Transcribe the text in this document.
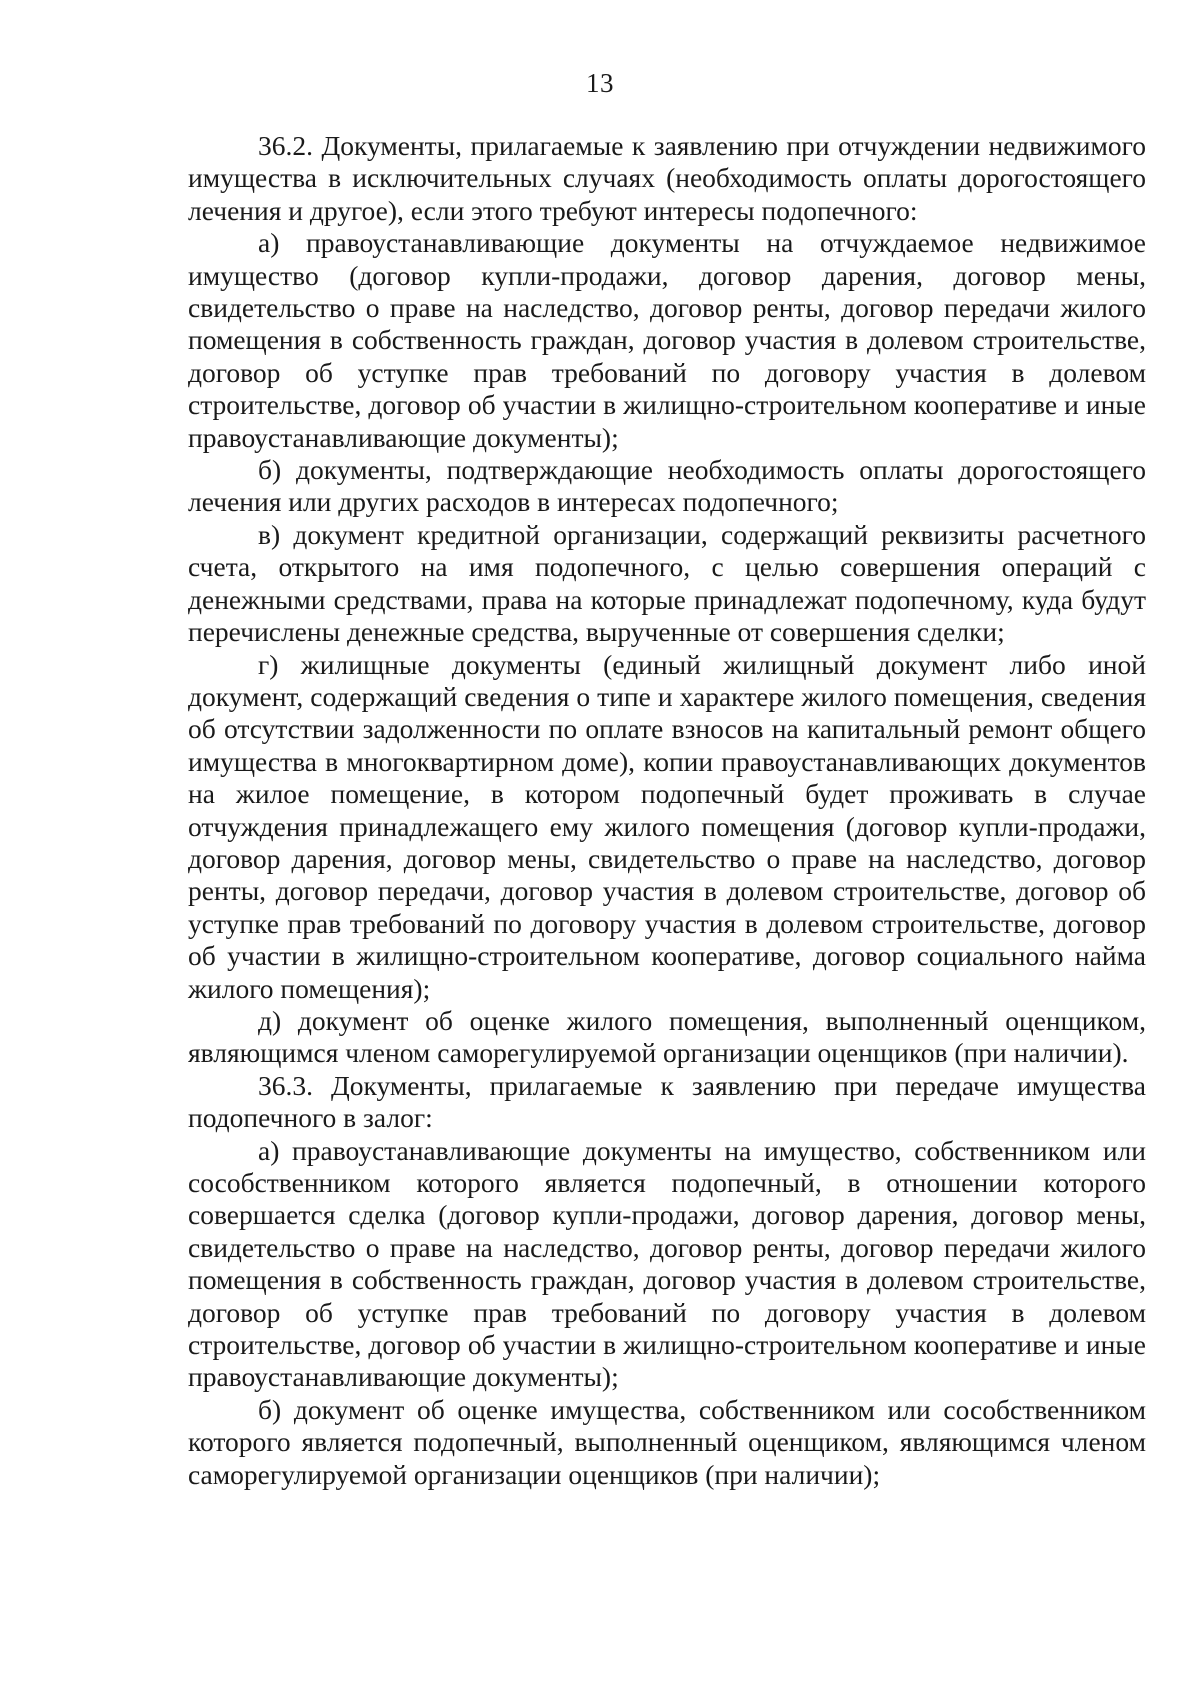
13

36.2. Документы, прилагаемые к заявлению при отчуждении недвижимого имущества в исключительных случаях (необходимость оплаты дорогостоящего лечения и другое), если этого требуют интересы подопечного:

а) правоустанавливающие документы на отчуждаемое недвижимое имущество (договор купли-продажи, договор дарения, договор мены, свидетельство о праве на наследство, договор ренты, договор передачи жилого помещения в собственность граждан, договор участия в долевом строительстве, договор об уступке прав требований по договору участия в долевом строительстве, договор об участии в жилищно-строительном кооперативе и иные правоустанавливающие документы);

б) документы, подтверждающие необходимость оплаты дорогостоящего лечения или других расходов в интересах подопечного;

в) документ кредитной организации, содержащий реквизиты расчетного счета, открытого на имя подопечного, с целью совершения операций с денежными средствами, права на которые принадлежат подопечному, куда будут перечислены денежные средства, вырученные от совершения сделки;

г) жилищные документы (единый жилищный документ либо иной документ, содержащий сведения о типе и характере жилого помещения, сведения об отсутствии задолженности по оплате взносов на капитальный ремонт общего имущества в многоквартирном доме), копии правоустанавливающих документов на жилое помещение, в котором подопечный будет проживать в случае отчуждения принадлежащего ему жилого помещения (договор купли-продажи, договор дарения, договор мены, свидетельство о праве на наследство, договор ренты, договор передачи, договор участия в долевом строительстве, договор об уступке прав требований по договору участия в долевом строительстве, договор об участии в жилищно-строительном кооперативе, договор социального найма жилого помещения);

д) документ об оценке жилого помещения, выполненный оценщиком, являющимся членом саморегулируемой организации оценщиков (при наличии).

36.3. Документы, прилагаемые к заявлению при передаче имущества подопечного в залог:

а) правоустанавливающие документы на имущество, собственником или сособственником которого является подопечный, в отношении которого совершается сделка (договор купли-продажи, договор дарения, договор мены, свидетельство о праве на наследство, договор ренты, договор передачи жилого помещения в собственность граждан, договор участия в долевом строительстве, договор об уступке прав требований по договору участия в долевом строительстве, договор об участии в жилищно-строительном кооперативе и иные правоустанавливающие документы);

б) документ об оценке имущества, собственником или сособственником которого является подопечный, выполненный оценщиком, являющимся членом саморегулируемой организации оценщиков (при наличии);
